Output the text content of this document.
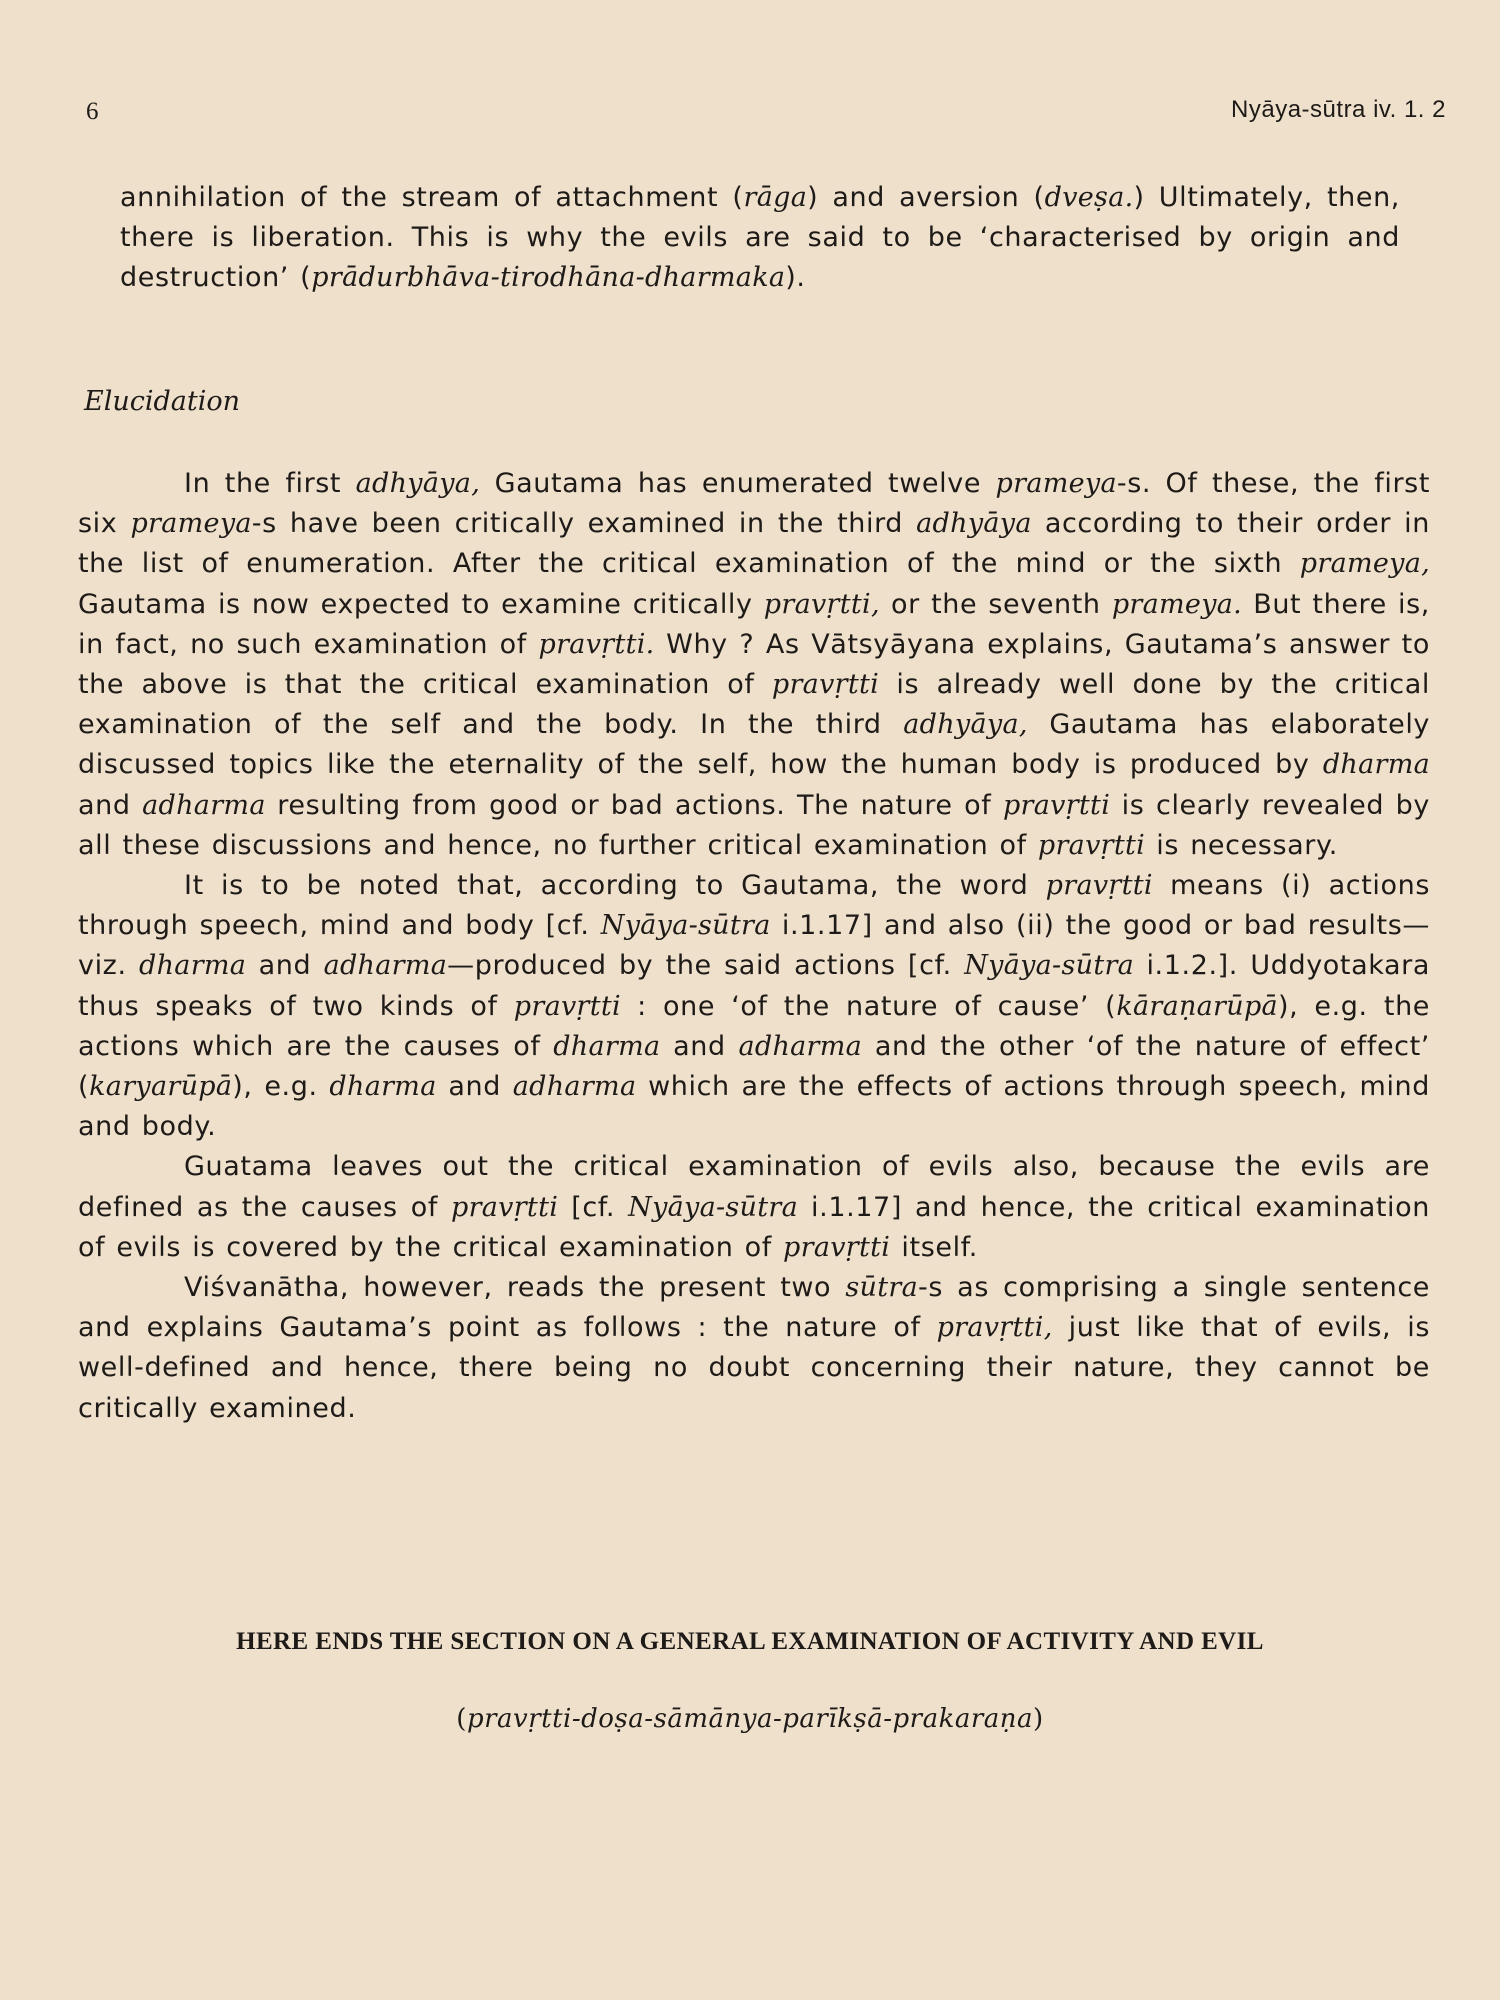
6	Nyāya-sūtra iv. 1. 2

annihilation of the stream of attachment (rāga) and aversion (dveṣa.) Ultimately, then, there is liberation. This is why the evils are said to be ‘characterised by origin and destruction’ (prādurbhāva-tirodhāna-dharmaka).

Elucidation

In the first adhyāya, Gautama has enumerated twelve prameya-s. Of these, the first six prameya-s have been critically examined in the third adhyāya according to their order in the list of enumeration. After the critical examination of the mind or the sixth prameya, Gautama is now expected to examine critically pravṛtti, or the seventh prameya. But there is, in fact, no such examination of pravṛtti. Why ? As Vātsyāyana explains, Gautama’s answer to the above is that the critical examination of pravṛtti is already well done by the critical examination of the self and the body. In the third adhyāya, Gautama has elaborately discussed topics like the eternality of the self, how the human body is produced by dharma and adharma resulting from good or bad actions. The nature of pravṛtti is clearly revealed by all these discussions and hence, no further critical examination of pravṛtti is necessary.

It is to be noted that, according to Gautama, the word pravṛtti means (i) actions through speech, mind and body [cf. Nyāya-sūtra i.1.17] and also (ii) the good or bad results—viz. dharma and adharma—produced by the said actions [cf. Nyāya-sūtra i.1.2.]. Uddyotakara thus speaks of two kinds of pravṛtti : one ‘of the nature of cause’ (kāraṇarūpā), e.g. the actions which are the causes of dharma and adharma and the other ‘of the nature of effect’ (karyarūpā), e.g. dharma and adharma which are the effects of actions through speech, mind and body.

Guatama leaves out the critical examination of evils also, because the evils are defined as the causes of pravṛtti [cf. Nyāya-sūtra i.1.17] and hence, the critical examination of evils is covered by the critical examination of pravṛtti itself.

Viśvanātha, however, reads the present two sūtra-s as comprising a single sentence and explains Gautama’s point as follows : the nature of pravṛtti, just like that of evils, is well-defined and hence, there being no doubt concerning their nature, they cannot be critically examined.

HERE ENDS THE SECTION ON A GENERAL EXAMINATION OF ACTIVITY AND EVIL
(pravṛtti-doṣa-sāmānya-parīkṣā-prakaraṇa)
